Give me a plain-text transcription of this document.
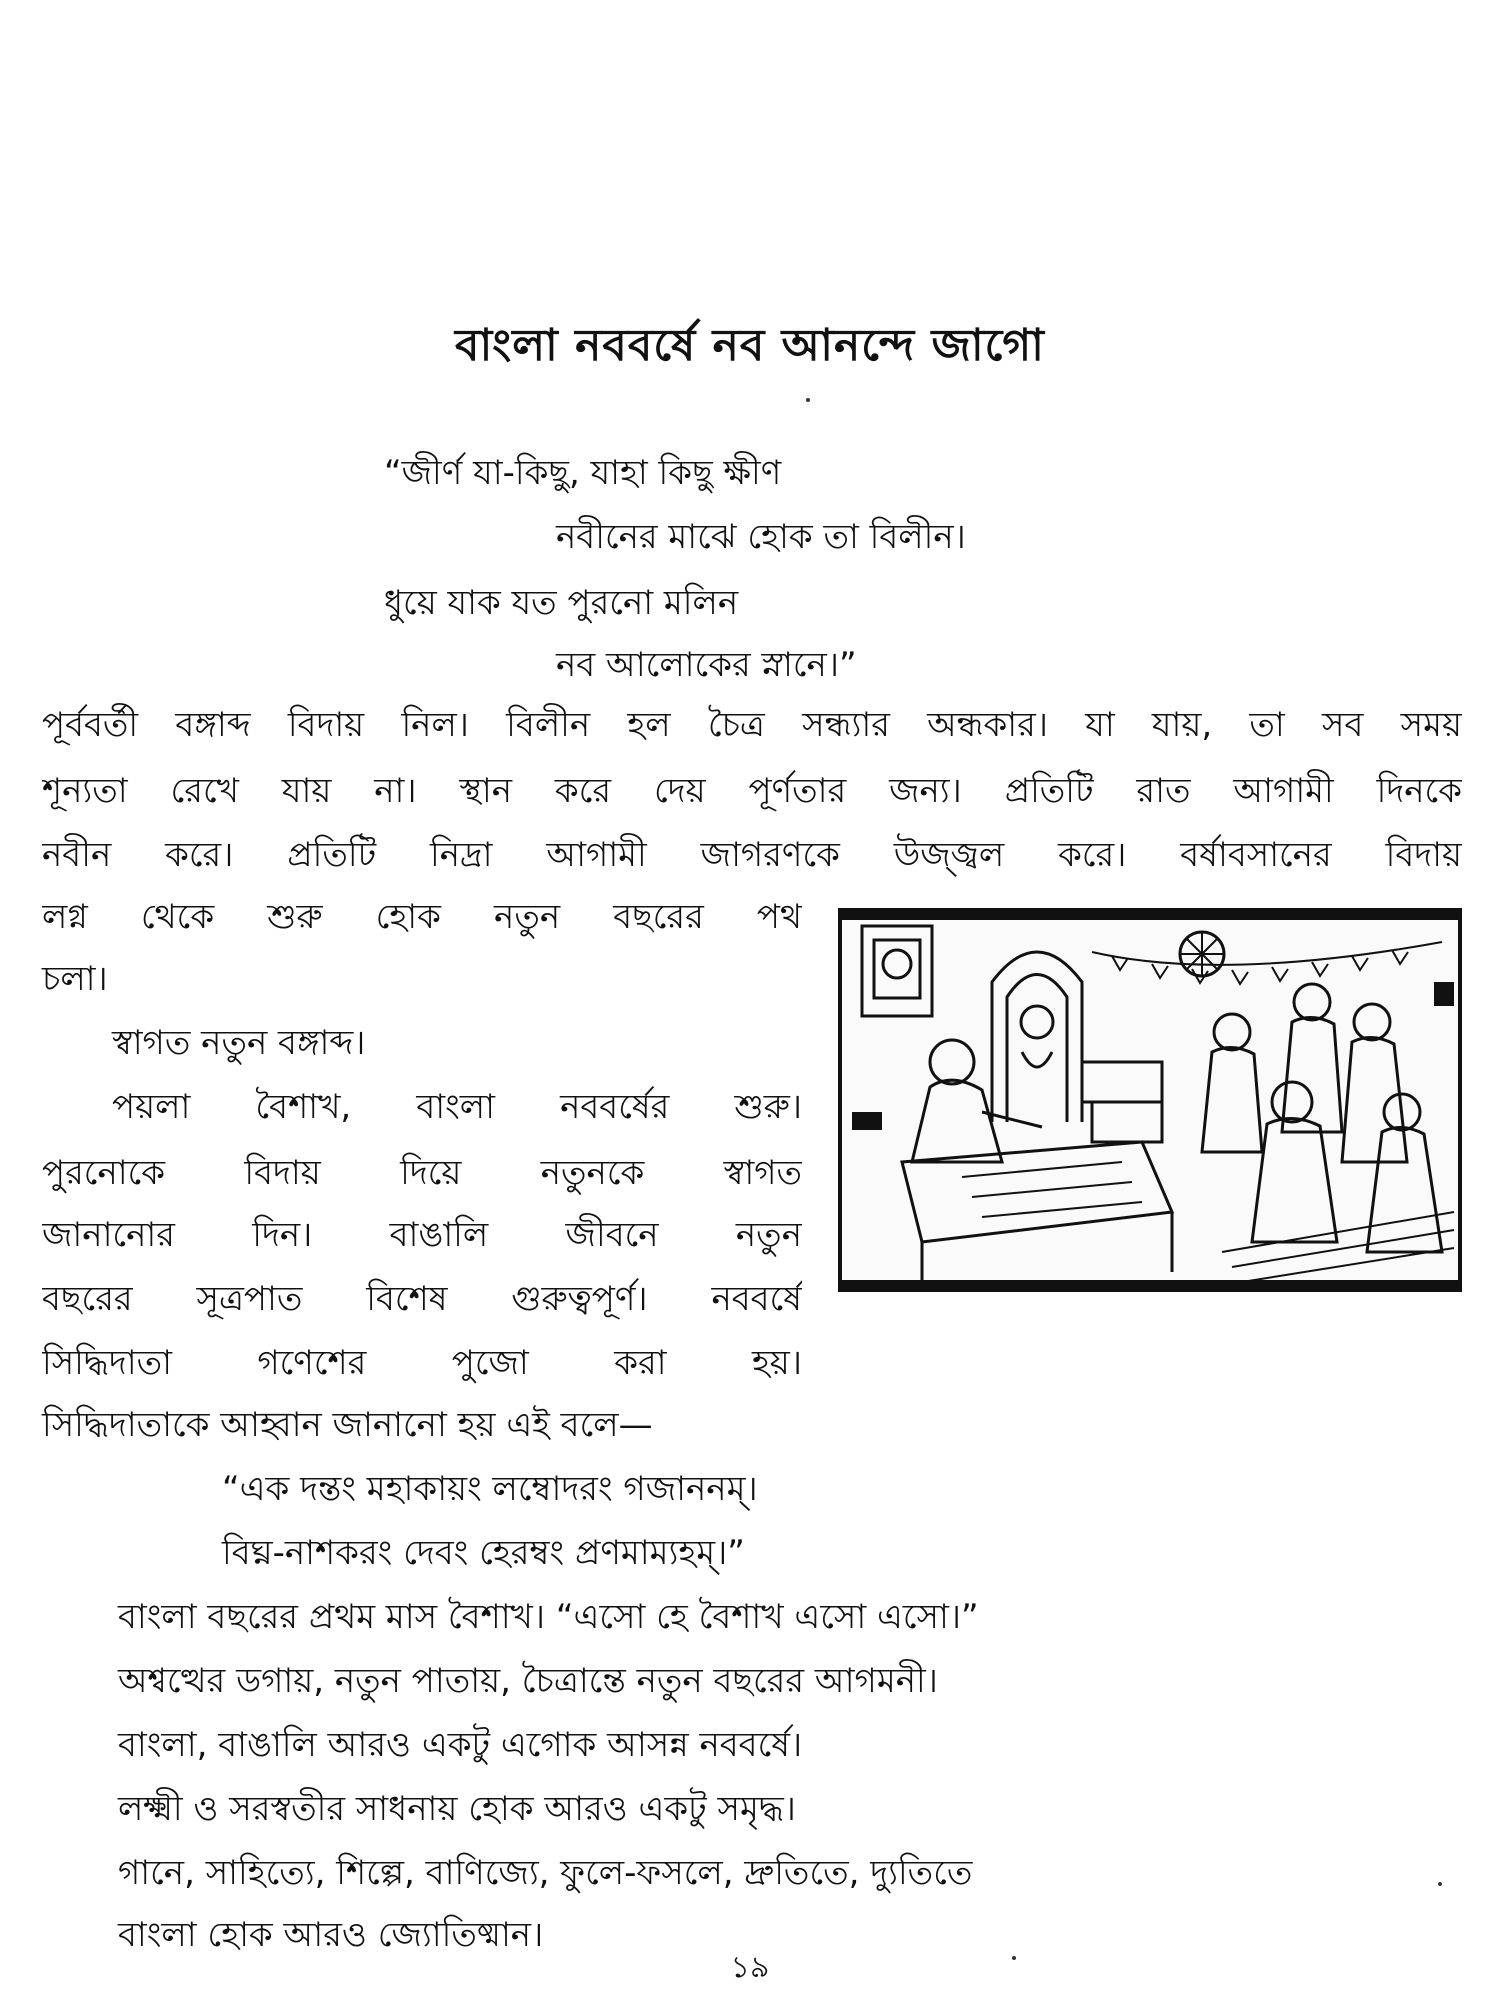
বাংলা নববর্ষে নব আনন্দে জাগো
“জীর্ণ যা-কিছু, যাহা কিছু ক্ষীণ
নবীনের মাঝে হোক তা বিলীন।
ধুয়ে যাক যত পুরনো মলিন
নব আলোকের স্নানে।”
পূর্ববর্তী বঙ্গাব্দ বিদায় নিল। বিলীন হল চৈত্র সন্ধ্যার অন্ধকার। যা যায়, তা সব সময়
শূন্যতা রেখে যায় না। স্থান করে দেয় পূর্ণতার জন্য। প্রতিটি রাত আগামী দিনকে
নবীন করে। প্রতিটি নিদ্রা আগামী জাগরণকে উজ্জ্বল করে। বর্ষাবসানের বিদায়
লগ্ন থেকে শুরু হোক নতুন বছরের পথ
চলা।
স্বাগত নতুন বঙ্গাব্দ।
পয়লা বৈশাখ, বাংলা নববর্ষের শুরু।
পুরনোকে বিদায় দিয়ে নতুনকে স্বাগত
জানানোর দিন। বাঙালি জীবনে নতুন
বছরের সূত্রপাত বিশেষ গুরুত্বপূর্ণ। নববর্ষে
সিদ্ধিদাতা গণেশের পুজো করা হয়।
সিদ্ধিদাতাকে আহ্বান জানানো হয় এই বলে—
“এক দন্তং মহাকায়ং লম্বোদরং গজাননম্।
বিঘ্ন-নাশকরং দেবং হেরম্বং প্রণমাম্যহম্।”
বাংলা বছরের প্রথম মাস বৈশাখ। “এসো হে বৈশাখ এসো এসো।”
অশ্বত্থের ডগায়, নতুন পাতায়, চৈত্রান্তে নতুন বছরের আগমনী।
বাংলা, বাঙালি আরও একটু এগোক আসন্ন নববর্ষে।
লক্ষ্মী ও সরস্বতীর সাধনায় হোক আরও একটু সমৃদ্ধ।
গানে, সাহিত্যে, শিল্পে, বাণিজ্যে, ফুলে-ফসলে, দ্রুতিতে, দ্যুতিতে
বাংলা হোক আরও জ্যোতিষ্মান।
১৯
